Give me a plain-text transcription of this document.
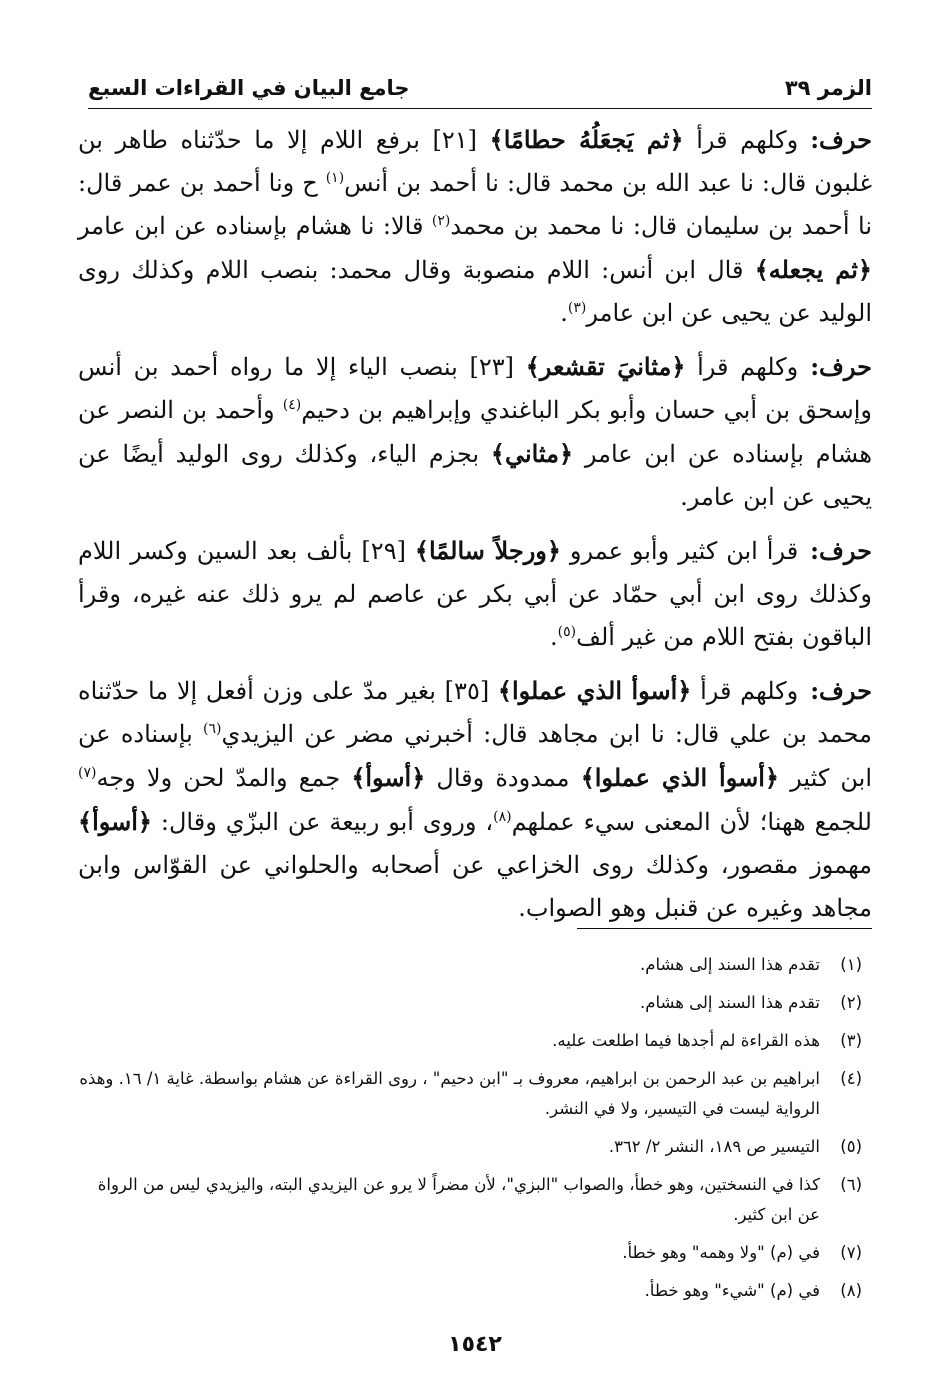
الزمر ٣٩
جامع البيان في القراءات السبع

حرف:وكلهم قرأ ﴿ثم يَجعَلُهُ حطامًا﴾ [٢١] برفع اللام إلا ما حدّثناه طاهر بن غلبون قال: نا عبد الله بن محمد قال: نا أحمد بن أنس$^{(١)}$ ح ونا أحمد بن عمر قال: نا أحمد بن سليمان قال: نا محمد بن محمد$^{(٢)}$ قالا: نا هشام بإسناده عن ابن عامر ﴿ثم يجعله﴾ قال ابن أنس: اللام منصوبة وقال محمد: بنصب اللام وكذلك روى الوليد عن يحيى عن ابن عامر$^{(٣)}$.

حرف:وكلهم قرأ ﴿مثانيَ تقشعر﴾ [٢٣] بنصب الياء إلا ما رواه أحمد بن أنس وإسحق بن أبي حسان وأبو بكر الباغندي وإبراهيم بن دحيم$^{(٤)}$ وأحمد بن النصر عن هشام بإسناده عن ابن عامر ﴿مثاني﴾ بجزم الياء، وكذلك روى الوليد أيضًا عن يحيى عن ابن عامر.

حرف:قرأ ابن كثير وأبو عمرو ﴿ورجلاً سالمًا﴾ [٢٩] بألف بعد السين وكسر اللام وكذلك روى ابن أبي حمّاد عن أبي بكر عن عاصم لم يرو ذلك عنه غيره، وقرأ الباقون بفتح اللام من غير ألف$^{(٥)}$.

حرف:وكلهم قرأ ﴿أسوأ الذي عملوا﴾ [٣٥] بغير مدّ على وزن أفعل إلا ما حدّثناه محمد بن علي قال: نا ابن مجاهد قال: أخبرني مضر عن اليزيدي$^{(٦)}$ بإسناده عن ابن كثير ﴿أسوأ الذي عملوا﴾ ممدودة وقال ﴿أسوأ﴾ جمع والمدّ لحن ولا وجه$^{(٧)}$ للجمع ههنا؛ لأن المعنى سيء عملهم$^{(٨)}$، وروى أبو ربيعة عن البزّي وقال: ﴿أسوأ﴾ مهموز مقصور، وكذلك روى الخزاعي عن أصحابه والحلواني عن القوّاس وابن مجاهد وغيره عن قنبل وهو الصواب.

(١)
تقدم هذا السند إلى هشام.
(٢)
تقدم هذا السند إلى هشام.
(٣)
هذه القراءة لم أجدها فيما اطلعت عليه.
(٤)
ابراهيم بن عبد الرحمن بن ابراهيم، معروف بـ "ابن دحيم" ، روى القراءة عن هشام بواسطة. غاية ١/ ١٦. وهذه الرواية ليست في التيسير، ولا في النشر.
(٥)
التيسير ص ١٨٩، النشر ٢/ ٣٦٢.
(٦)
كذا في النسختين، وهو خطأ، والصواب "البزي"، لأن مضراً لا يرو عن اليزيدي البته، واليزيدي ليس من الرواة عن ابن كثير.
(٧)
في (م) "ولا وهمه" وهو خطأ.
(٨)
في (م) "شيء" وهو خطأ.
١٥٤٢
